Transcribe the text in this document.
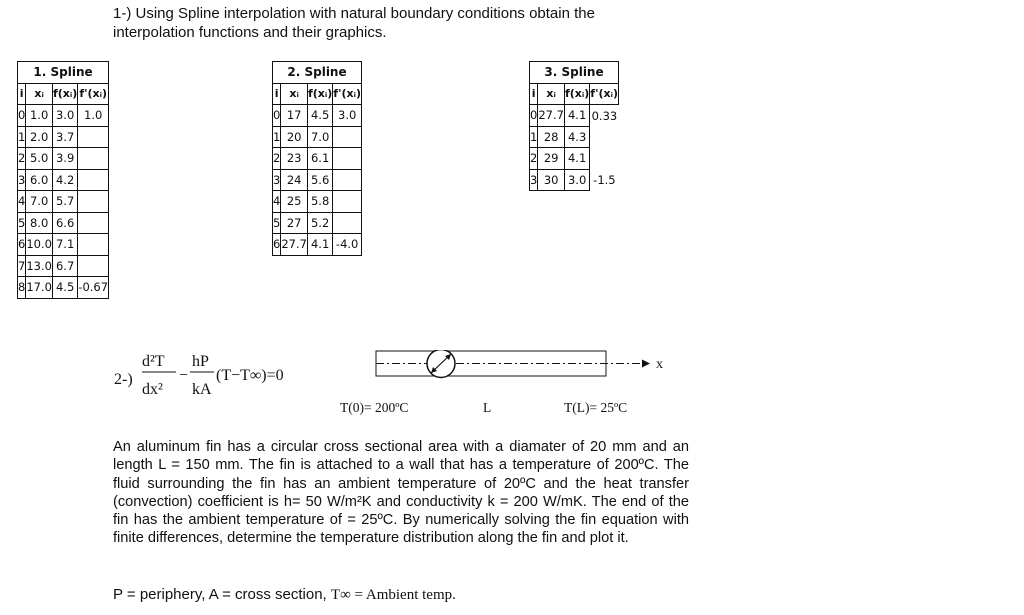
1-) Using Spline interpolation with natural boundary conditions obtain the
interpolation functions and their graphics.
1. Spline			
i	xᵢ	f(xᵢ)	f'(xᵢ)
0	1.0	3.0	1.0
1	2.0	3.7	
2	5.0	3.9	
3	6.0	4.2	
4	7.0	5.7	
5	8.0	6.6	
6	10.0	7.1	
7	13.0	6.7	
8	17.0	4.5	-0.67
2. Spline			
i	xᵢ	f(xᵢ)	f'(xᵢ)
0	17	4.5	3.0
1	20	7.0	
2	23	6.1	
3	24	5.6	
4	25	5.8	
5	27	5.2	
6	27.7	4.1	-4.0
3. Spline			
i	xᵢ	f(xᵢ)	f'(xᵢ)
0	27.7	4.1	0.33
1	28	4.3	
2	29	4.1	
3	30	3.0	-1.5
2-)
d²T
dx²
−
hP
kA
(T−T∞)=0
x
T(0)= 200ºC	L	T(L)= 25ºC
An aluminum fin has a circular cross sectional area with a diamater of 20 mm and an length L = 150 mm. The fin is attached to a wall that has a temperature of 200ºC. The fluid surrounding the fin has an ambient temperature of 20ºC and the heat transfer (convection) coefficient is h= 50 W/m²K and conductivity k = 200 W/mK. The end of the fin has the ambient temperature of = 25ºC. By numerically solving the fin equation with finite differences, determine the temperature distribution along the fin and plot it.
P = periphery, A = cross section, T∞ = Ambient temp.
